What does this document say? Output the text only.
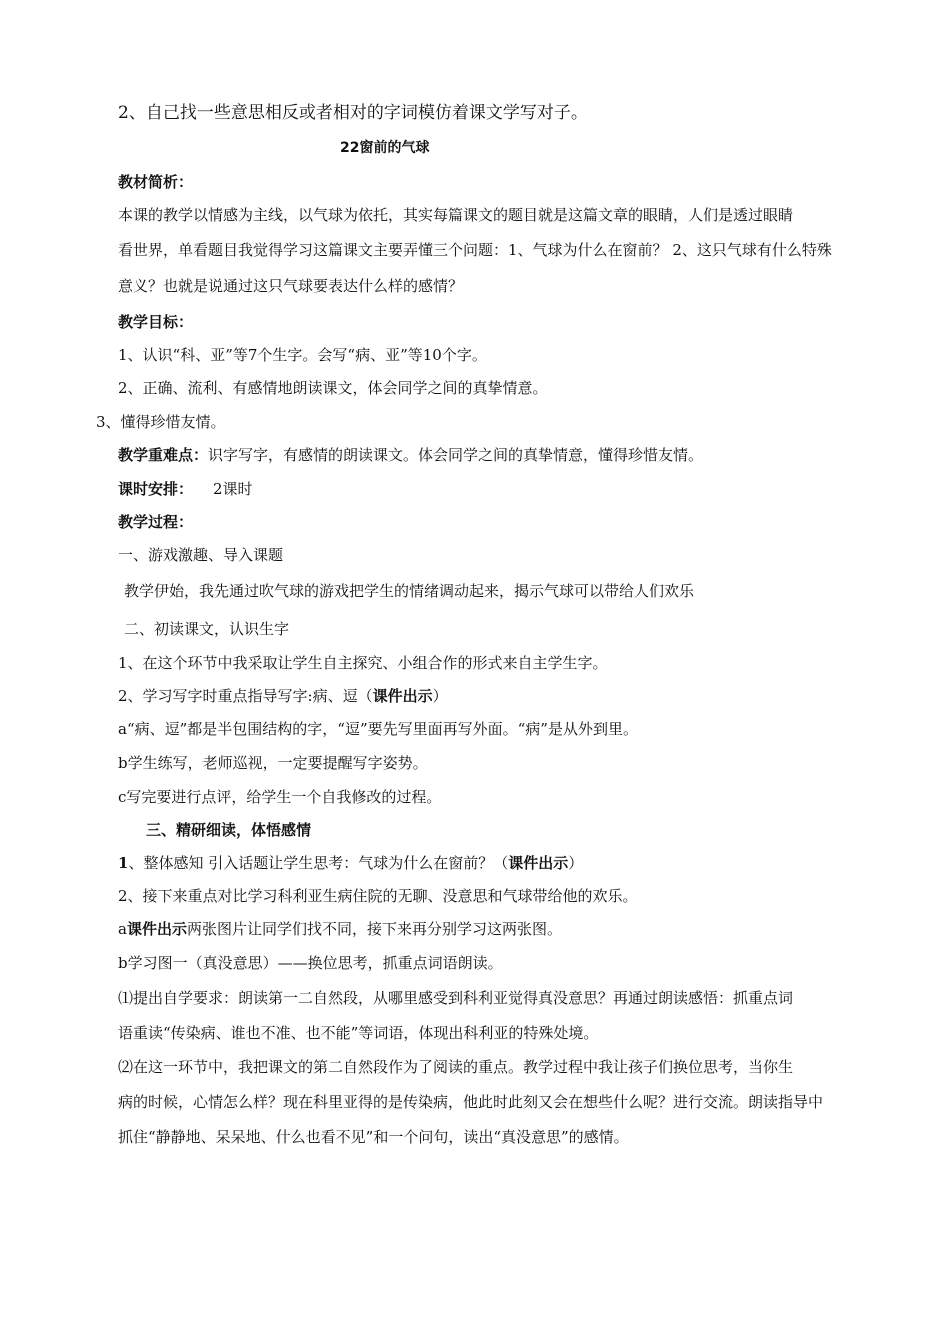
2、自己找一些意思相反或者相对的字词模仿着课文学写对子。
22窗前的气球
教材简析：
本课的教学以情感为主线，以气球为依托，其实每篇课文的题目就是这篇文章的眼睛，人们是透过眼睛
看世界，单看题目我觉得学习这篇课文主要弄懂三个问题：1、气球为什么在窗前？ 2、这只气球有什么特殊
意义？也就是说通过这只气球要表达什么样的感情？
教学目标：
1、认识“科、亚”等7个生字。会写“病、亚”等10个字。
2、正确、流利、有感情地朗读课文，体会同学之间的真挚情意。
3、懂得珍惜友情。
教学重难点：识字写字，有感情的朗读课文。体会同学之间的真挚情意，懂得珍惜友情。
课时安排： 2课时
教学过程：
一、游戏激趣、导入课题
教学伊始，我先通过吹气球的游戏把学生的情绪调动起来，揭示气球可以带给人们欢乐
二、初读课文，认识生字
1、在这个环节中我采取让学生自主探究、小组合作的形式来自主学生字。
2、学习写字时重点指导写字:病、逗（课件出示）
a“病、逗”都是半包围结构的字，“逗”要先写里面再写外面。“病”是从外到里。
b学生练写，老师巡视，一定要提醒写字姿势。
c写完要进行点评，给学生一个自我修改的过程。
三、精研细读，体悟感情
1、整体感知 引入话题让学生思考：气球为什么在窗前？（课件出示）
2、接下来重点对比学习科利亚生病住院的无聊、没意思和气球带给他的欢乐。
a课件出示两张图片让同学们找不同，接下来再分别学习这两张图。
b学习图一（真没意思）——换位思考，抓重点词语朗读。
⑴提出自学要求：朗读第一二自然段，从哪里感受到科利亚觉得真没意思？再通过朗读感悟：抓重点词
语重读“传染病、谁也不准、也不能”等词语，体现出科利亚的特殊处境。
⑵在这一环节中，我把课文的第二自然段作为了阅读的重点。教学过程中我让孩子们换位思考，当你生
病的时候，心情怎么样？现在科里亚得的是传染病，他此时此刻又会在想些什么呢？进行交流。朗读指导中
抓住“静静地、呆呆地、什么也看不见”和一个问句，读出“真没意思”的感情。
